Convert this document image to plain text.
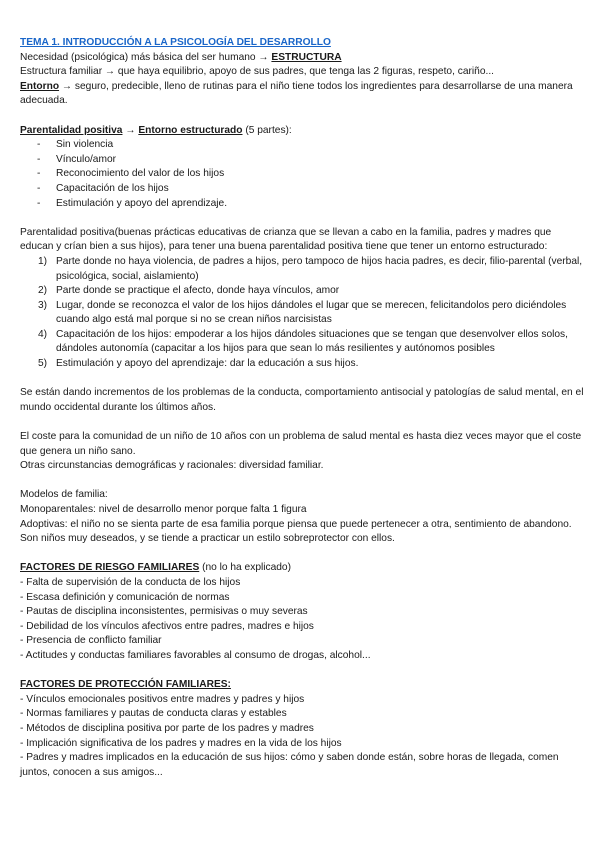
TEMA 1. INTRODUCCIÓN A LA PSICOLOGÍA DEL DESARROLLO

Necesidad (psicológica) más básica del ser humano → ESTRUCTURA

Estructura familiar → que haya equilibrio, apoyo de sus padres, que tenga las 2 figuras, respeto, cariño...

Entorno → seguro, predecible, lleno de rutinas para el niño tiene todos los ingredientes para desarrollarse de una manera adecuada.

Parentalidad positiva → Entorno estructurado (5 partes):

- Sin violencia
- Vínculo/amor
- Reconocimiento del valor de los hijos
- Capacitación de los hijos
- Estimulación y apoyo del aprendizaje.

Parentalidad positiva(buenas prácticas educativas de crianza que se llevan a cabo en la familia, padres y madres que educan y crían bien a sus hijos), para tener una buena parentalidad positiva tiene que tener un entorno estructurado:

1) Parte donde no haya violencia, de padres a hijos, pero tampoco de hijos hacia padres, es decir, filio-parental (verbal, psicológica, social, aislamiento)
2) Parte donde se practique el afecto, donde haya vínculos, amor
3) Lugar, donde se reconozca el valor de los hijos dándoles el lugar que se merecen, felicitandolos pero diciéndoles cuando algo está mal porque si no se crean niños narcisistas
4) Capacitación de los hijos: empoderar a los hijos dándoles situaciones que se tengan que desenvolver ellos solos, dándoles autonomía (capacitar a los hijos para que sean lo más resilientes y autónomos posibles
5) Estimulación y apoyo del aprendizaje: dar la educación a sus hijos.

Se están dando incrementos de los problemas de la conducta, comportamiento antisocial y patologías de salud mental, en el mundo occidental durante los últimos años.

El coste para la comunidad de un niño de 10 años con un problema de salud mental es hasta diez veces mayor que el coste que genera un niño sano.

Otras circunstancias demográficas y racionales: diversidad familiar.

Modelos de familia:

Monoparentales: nivel de desarrollo menor porque falta 1 figura

Adoptivas: el niño no se sienta parte de esa familia porque piensa que puede pertenecer a otra, sentimiento de abandono. Son niños muy deseados, y se tiende a practicar un estilo sobreprotector con ellos.

FACTORES DE RIESGO FAMILIARES (no lo ha explicado)

- Falta de supervisión de la conducta de los hijos

- Escasa definición y comunicación de normas

- Pautas de disciplina inconsistentes, permisivas o muy severas

- Debilidad de los vínculos afectivos entre padres, madres e hijos

- Presencia de conflicto familiar

- Actitudes y conductas familiares favorables al consumo de drogas, alcohol...

FACTORES DE PROTECCIÓN FAMILIARES:

- Vínculos emocionales positivos entre madres y padres y hijos

- Normas familiares y pautas de conducta claras y estables

- Métodos de disciplina positiva por parte de los padres y madres

- Implicación significativa de los padres y madres en la vida de los hijos

- Padres y madres implicados en la educación de sus hijos: cómo y saben donde están, sobre horas de llegada, comen juntos, conocen a sus amigos...
